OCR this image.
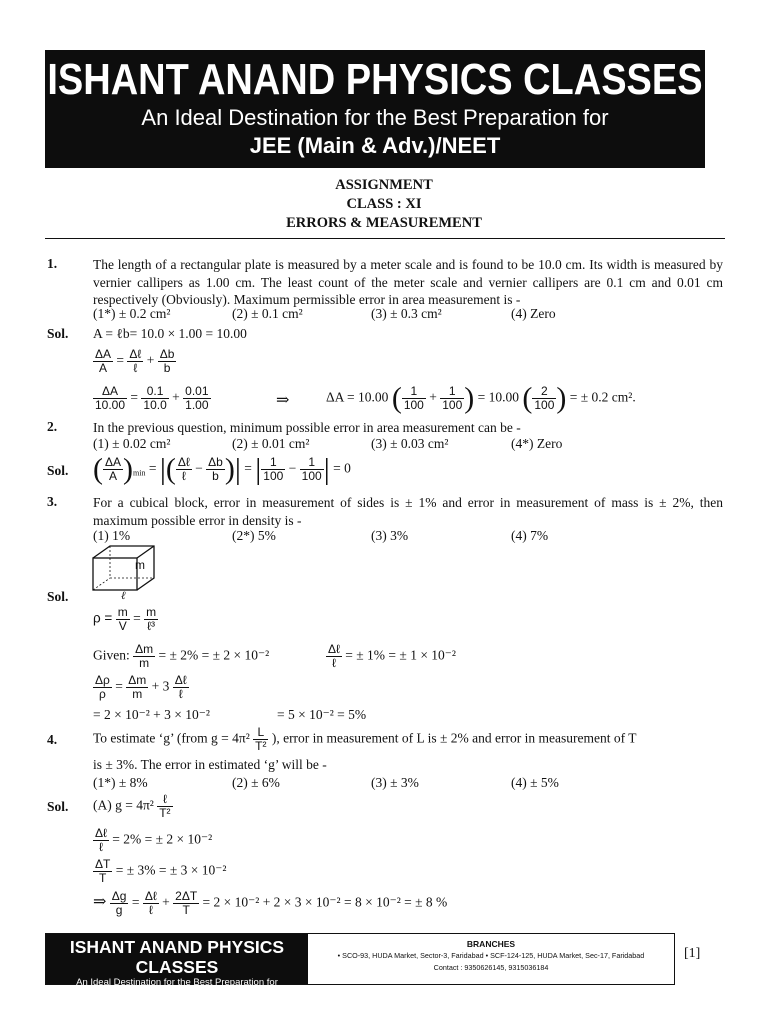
ISHANT ANAND PHYSICS CLASSES
An Ideal Destination for the Best Preparation for
JEE (Main & Adv.)/NEET
ASSIGNMENT
CLASS : XI
ERRORS & MEASUREMENT
1.	The length of a rectangular plate is measured by a meter scale and is found to be 10.0 cm. Its width is measured by vernier callipers as 1.00 cm. The least count of the meter scale and vernier callipers are 0.1 cm and 0.01 cm respectively (Obviously). Maximum permissible error in area measurement is -
(1*) ± 0.2 cm²	(2) ± 0.1 cm²	(3) ± 0.3 cm²	(4) Zero
Sol. A = ℓb= 10.0 × 1.00 = 10.00
$\frac{\Delta A}{A} = \frac{\text{Δℓ}}{\text{ℓ}} + \frac{\Delta b}{b}$
$\frac{\Delta A}{10.00} = \frac{0.1}{10.0} + \frac{0.01}{1.00}$	⇒	ΔA = 10.00 ( $\frac{1}{100} + \frac{1}{100}$ ) = 10.00 ( $\frac{2}{100}$ ) = ± 0.2 cm².
2.	In the previous question, minimum possible error in area measurement can be -
(1) ± 0.02 cm²	(2) ± 0.01 cm²	(3) ± 0.03 cm²	(4*) Zero
Sol. ( $\frac{\Delta A}{A} )_{min}$ = |( $\frac{\text{Δℓ}}{\text{ℓ}} - \frac{\Delta b}{b}$ )| = | $\frac{1}{100} - \frac{1}{100}$ | = 0
3.	For a cubical block, error in measurement of sides is ± 1% and error in measurement of mass is ± 2%, then maximum possible error in density is -
(1) 1%	(2*) 5%	(3) 3%	(4) 7%
m
ℓ
Sol.
$\rho = \frac{m}{V} = \frac{m}{\text{ℓ³}}$
Given: $\frac{\Delta m}{m}$ = ± 2% = ± 2 × 10⁻²	$\frac{\text{Δℓ}}{\text{ℓ}}$ = ± 1% = ± 1 × 10⁻²
$\frac{\Delta\rho}{\rho} = \frac{\Delta m}{m} + 3 \frac{\text{Δℓ}}{\text{ℓ}}$
= 2 × 10⁻² + 3 × 10⁻²	= 5 × 10⁻² = 5%
4.	To estimate ‘g’ (from $g = 4\pi^2 \frac{L}{\text{T²}}$ ), error in measurement of L is ± 2% and error in measurement of T
is ± 3%. The error in estimated ‘g’ will be -
(1*) ± 8%	(2) ± 6%	(3) ± 3%	(4) ± 5%
Sol. (A) $g = 4\pi^2 \frac{\text{ℓ}}{\text{T²}}$
$\frac{\text{Δℓ}}{\text{ℓ}} = 2\%$ = ± 2 × 10⁻²
$\frac{\Delta T}{T}$ = ± 3% = ± 3 × 10⁻²
⇒ $\frac{\Delta g}{g} = \frac{\text{Δℓ}}{\text{ℓ}} + \frac{2\Delta T}{T} = 2 \times 10^{-2} + 2 \times 3 \times 10^{-2} = 8 \times 10^{-2}$ = ± 8 %
ISHANT ANAND PHYSICS CLASSES
An Ideal Destination for the Best Preparation for
JEE (Main & Adv.)/NEET
BRANCHES
• SCO-93, HUDA Market, Sector-3, Faridabad • SCF-124-125, HUDA Market, Sec-17, Faridabad
Contact : 9350626145, 9315036184
[1]
